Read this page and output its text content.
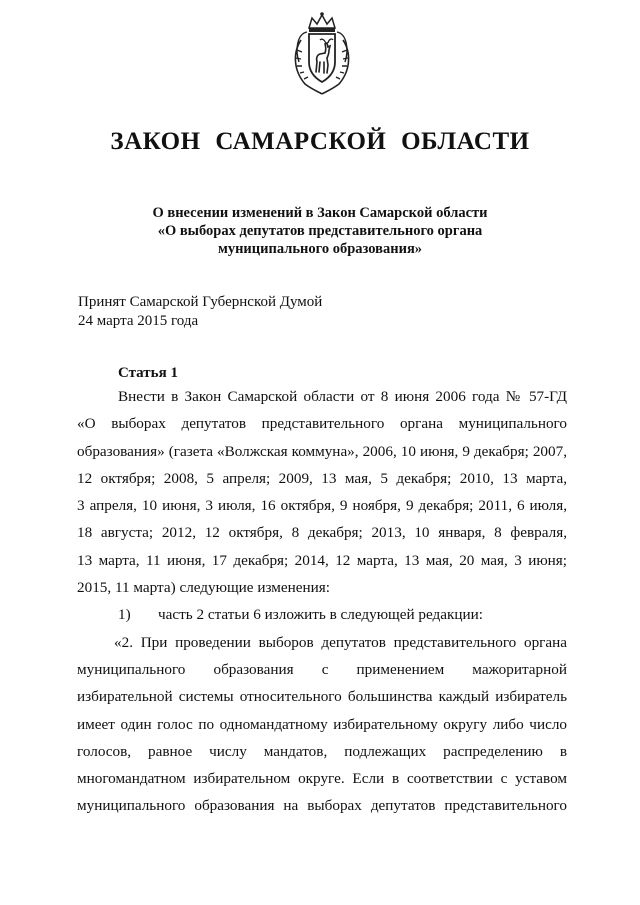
ЗАКОН САМАРСКОЙ ОБЛАСТИ
О внесении изменений в Закон Самарской области
«О выборах депутатов представительного органа
муниципального образования»
Принят Самарской Губернской Думой
24 марта 2015 года
Статья 1
Внести в Закон Самарской области от 8 июня 2006 года № 57-ГД
«О выборах депутатов представительного органа муниципального
образования» (газета «Волжская коммуна», 2006, 10 июня, 9 декабря; 2007,
12 октября; 2008, 5 апреля; 2009, 13 мая, 5 декабря; 2010, 13 марта,
3 апреля, 10 июня, 3 июля, 16 октября, 9 ноября, 9 декабря; 2011, 6 июля,
18 августа; 2012, 12 октября, 8 декабря; 2013, 10 января, 8 февраля,
13 марта, 11 июня, 17 декабря; 2014, 12 марта, 13 мая, 20 мая, 3 июня;
2015, 11 марта) следующие изменения:
1) часть 2 статьи 6 изложить в следующей редакции:
«2. При проведении выборов депутатов представительного органа
муниципального образования с применением мажоритарной
избирательной системы относительного большинства каждый избиратель
имеет один голос по одномандатному избирательному округу либо число
голосов, равное числу мандатов, подлежащих распределению в
многомандатном избирательном округе. Если в соответствии с уставом
муниципального образования на выборах депутатов представительного
